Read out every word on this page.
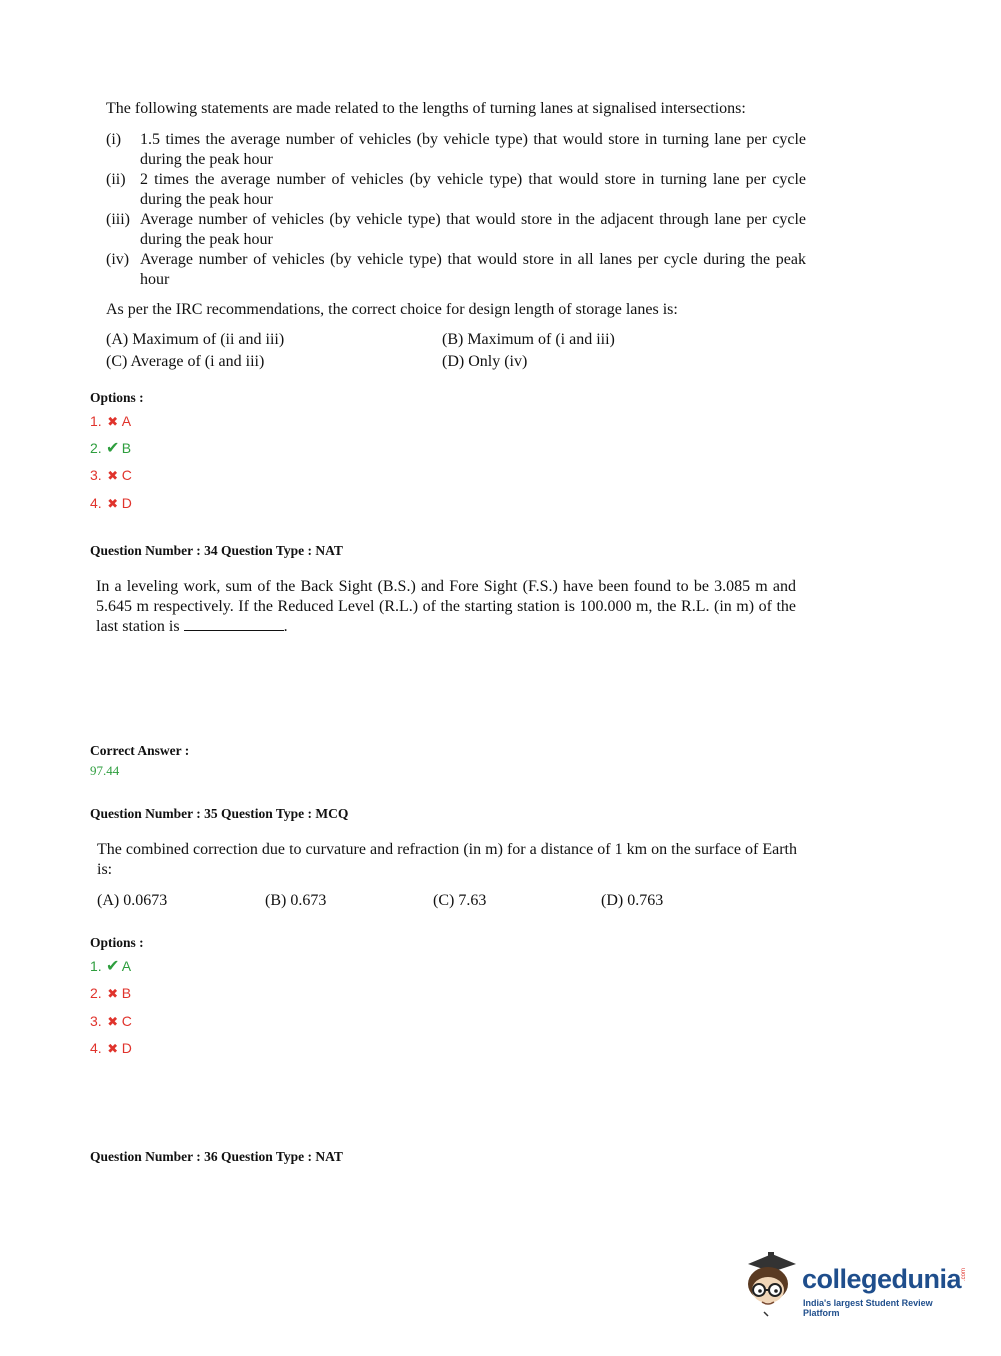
The following statements are made related to the lengths of turning lanes at signalised intersections:
(i) 1.5 times the average number of vehicles (by vehicle type) that would store in turning lane per cycle during the peak hour
(ii) 2 times the average number of vehicles (by vehicle type) that would store in turning lane per cycle during the peak hour
(iii) Average number of vehicles (by vehicle type) that would store in the adjacent through lane per cycle during the peak hour
(iv) Average number of vehicles (by vehicle type) that would store in all lanes per cycle during the peak hour
As per the IRC recommendations, the correct choice for design length of storage lanes is:
(A) Maximum of (ii and iii)	(B) Maximum of (i and iii)
(C) Average of (i and iii)	(D) Only (iv)
Options :
1. ✖ A
2. ✔ B
3. ✖ C
4. ✖ D
Question Number : 34 Question Type : NAT
In a leveling work, sum of the Back Sight (B.S.) and Fore Sight (F.S.) have been found to be 3.085 m and 5.645 m respectively. If the Reduced Level (R.L.) of the starting station is 100.000 m, the R.L. (in m) of the last station is	.
Correct Answer :
97.44
Question Number : 35 Question Type : MCQ
The combined correction due to curvature and refraction (in m) for a distance of 1 km on the surface of Earth is:
(A) 0.0673	(B) 0.673	(C) 7.63	(D) 0.763
Options :
1. ✔ A
2. ✖ B
3. ✖ C
4. ✖ D
Question Number : 36 Question Type : NAT
collegedunia .com
India's largest Student Review Platform
